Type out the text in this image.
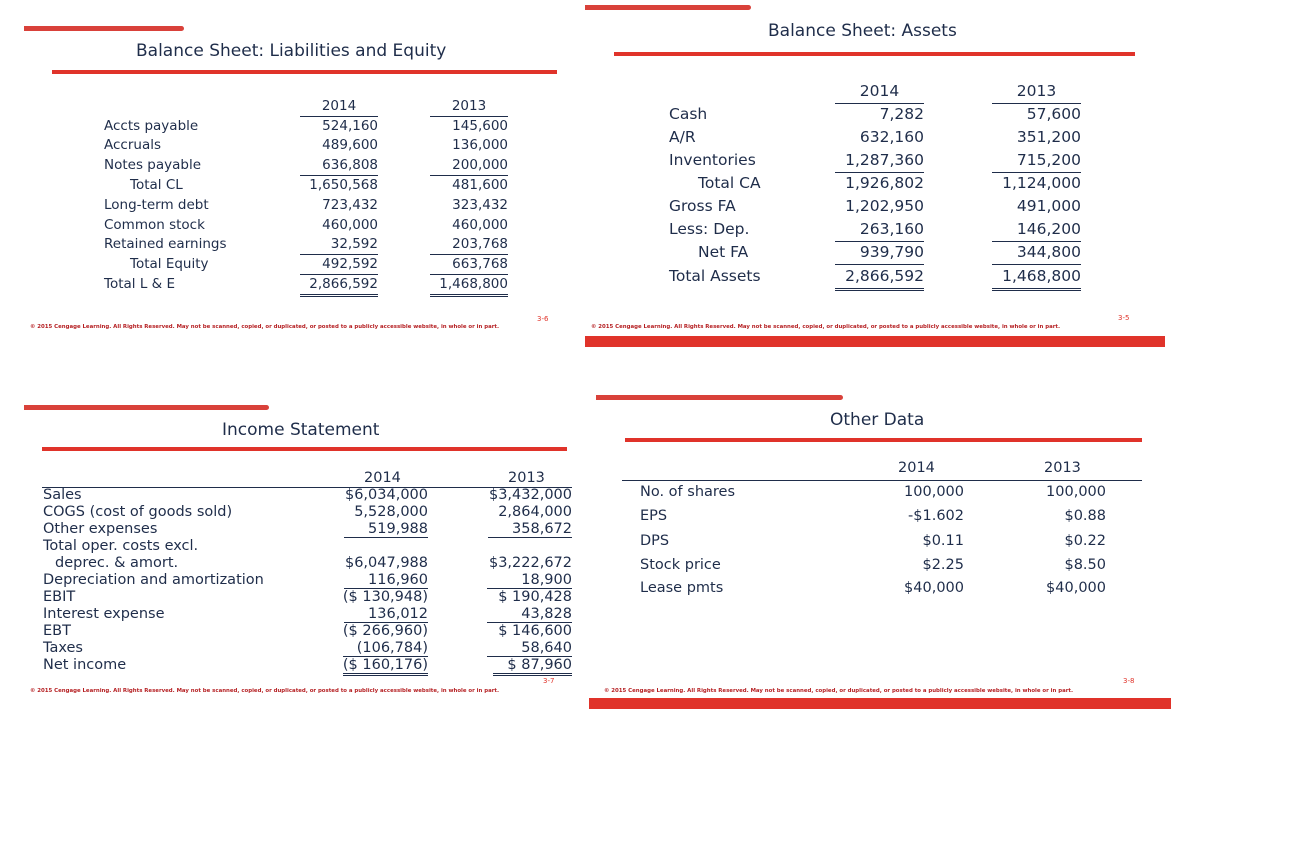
Balance Sheet: Liabilities and Equity
2014	2013
Accts payable	524,160	145,600
Accruals	489,600	136,000
Notes payable	636,808	200,000
Total CL	1,650,568	481,600
Long-term debt	723,432	323,432
Common stock	460,000	460,000
Retained earnings	32,592	203,768
Total Equity	492,592	663,768
Total L & E	2,866,592	1,468,800
3-6
© 2015 Cengage Learning. All Rights Reserved. May not be scanned, copied, or duplicated, or posted to a publicly accessible website, in whole or in part.
Balance Sheet: Assets
2014	2013
Cash	7,282	57,600
A/R	632,160	351,200
Inventories	1,287,360	715,200
Total CA	1,926,802	1,124,000
Gross FA	1,202,950	491,000
Less: Dep.	263,160	146,200
Net FA	939,790	344,800
Total Assets	2,866,592	1,468,800
3-5
© 2015 Cengage Learning. All Rights Reserved. May not be scanned, copied, or duplicated, or posted to a publicly accessible website, in whole or in part.
Income Statement
2014	2013
Sales	$6,034,000	$3,432,000
COGS (cost of goods sold)	5,528,000	2,864,000
Other expenses	519,988	358,672
Total oper. costs excl.
deprec. & amort.	$6,047,988	$3,222,672
Depreciation and amortization	116,960	18,900
EBIT	($ 130,948)	$ 190,428
Interest expense	136,012	43,828
EBT	($ 266,960)	$ 146,600
Taxes	(106,784)	58,640
Net income	($ 160,176)	$ 87,960
3-7
© 2015 Cengage Learning. All Rights Reserved. May not be scanned, copied, or duplicated, or posted to a publicly accessible website, in whole or in part.
Other Data
2014	2013
No. of shares	100,000	100,000
EPS	-$1.602	$0.88
DPS	$0.11	$0.22
Stock price	$2.25	$8.50
Lease pmts	$40,000	$40,000
3-8
© 2015 Cengage Learning. All Rights Reserved. May not be scanned, copied, or duplicated, or posted to a publicly accessible website, in whole or in part.
